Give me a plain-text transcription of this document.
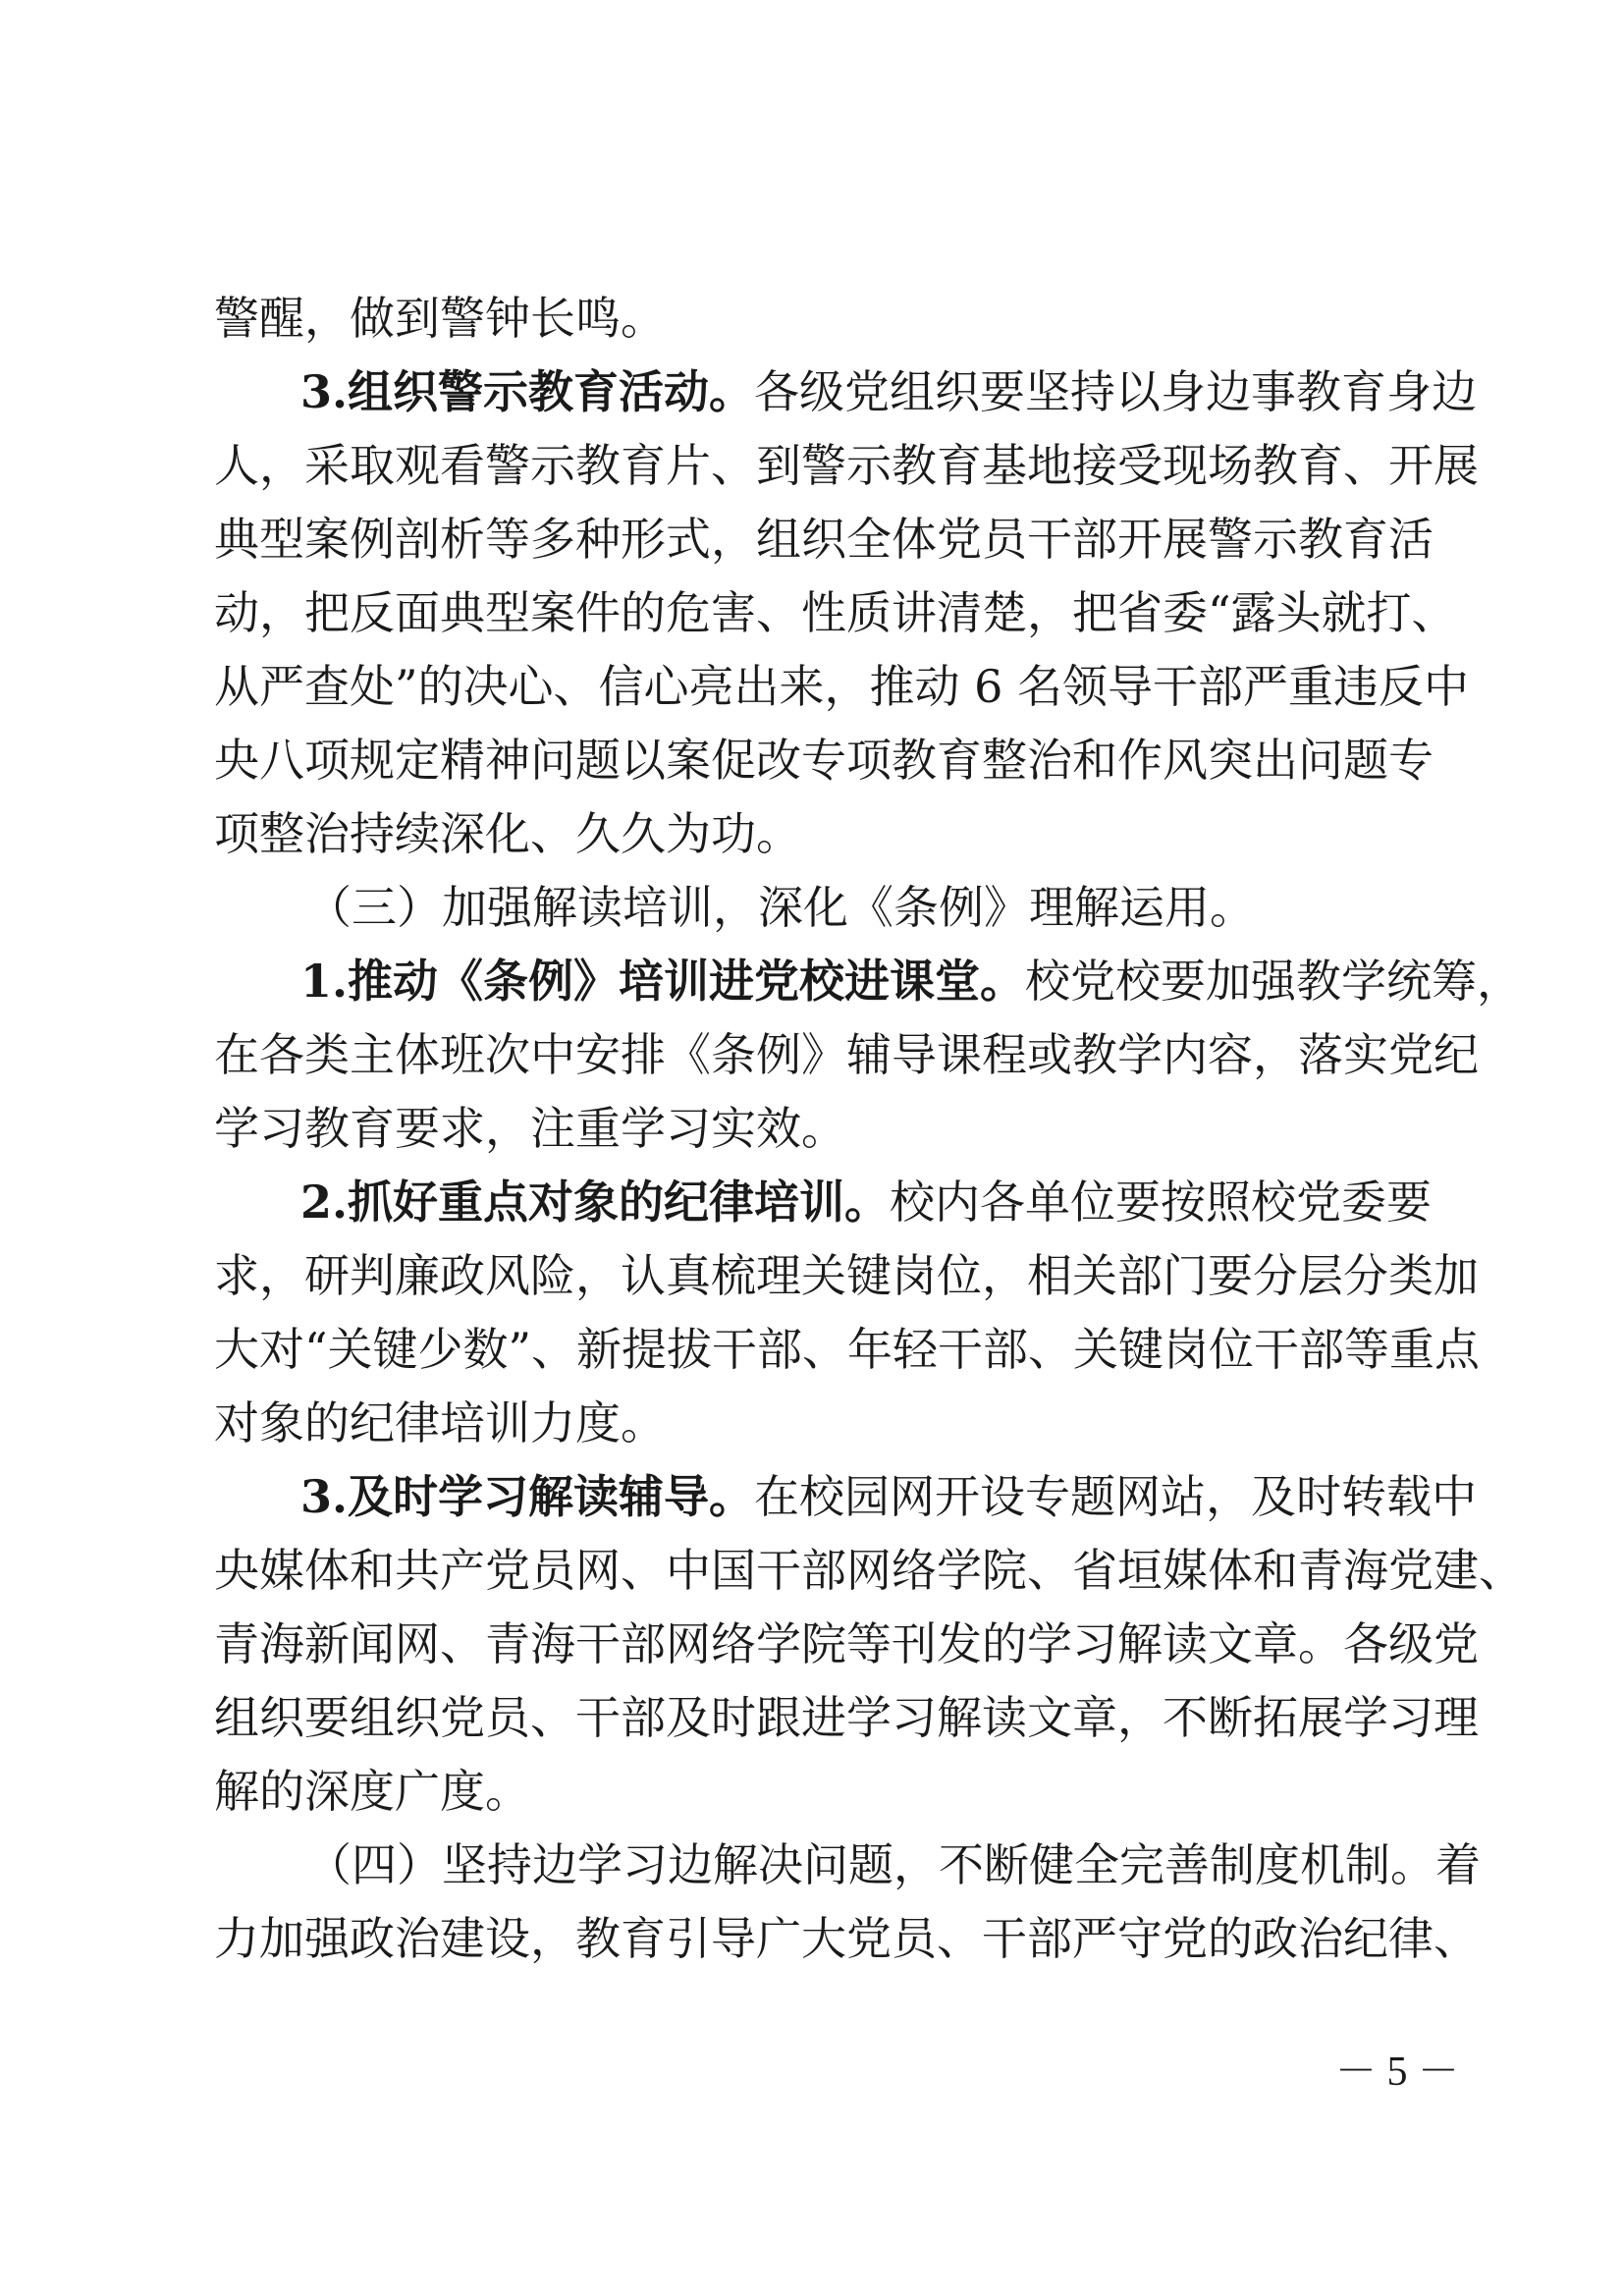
警醒，做到警钟长鸣。
3.组织警示教育活动。各级党组织要坚持以身边事教育身边
人，采取观看警示教育片、到警示教育基地接受现场教育、开展
典型案例剖析等多种形式，组织全体党员干部开展警示教育活
动，把反面典型案件的危害、性质讲清楚，把省委“露头就打、
从严查处”的决心、信心亮出来，推动 6 名领导干部严重违反中
央八项规定精神问题以案促改专项教育整治和作风突出问题专
项整治持续深化、久久为功。
（三）加强解读培训，深化《条例》理解运用。
1.推动《条例》培训进党校进课堂。校党校要加强教学统筹，
在各类主体班次中安排《条例》辅导课程或教学内容，落实党纪
学习教育要求，注重学习实效。
2.抓好重点对象的纪律培训。校内各单位要按照校党委要
求，研判廉政风险，认真梳理关键岗位，相关部门要分层分类加
大对“关键少数”、新提拔干部、年轻干部、关键岗位干部等重点
对象的纪律培训力度。
3.及时学习解读辅导。在校园网开设专题网站，及时转载中
央媒体和共产党员网、中国干部网络学院、省垣媒体和青海党建、
青海新闻网、青海干部网络学院等刊发的学习解读文章。各级党
组织要组织党员、干部及时跟进学习解读文章，不断拓展学习理
解的深度广度。
（四）坚持边学习边解决问题，不断健全完善制度机制。着
力加强政治建设，教育引导广大党员、干部严守党的政治纪律、
－ 5 －
